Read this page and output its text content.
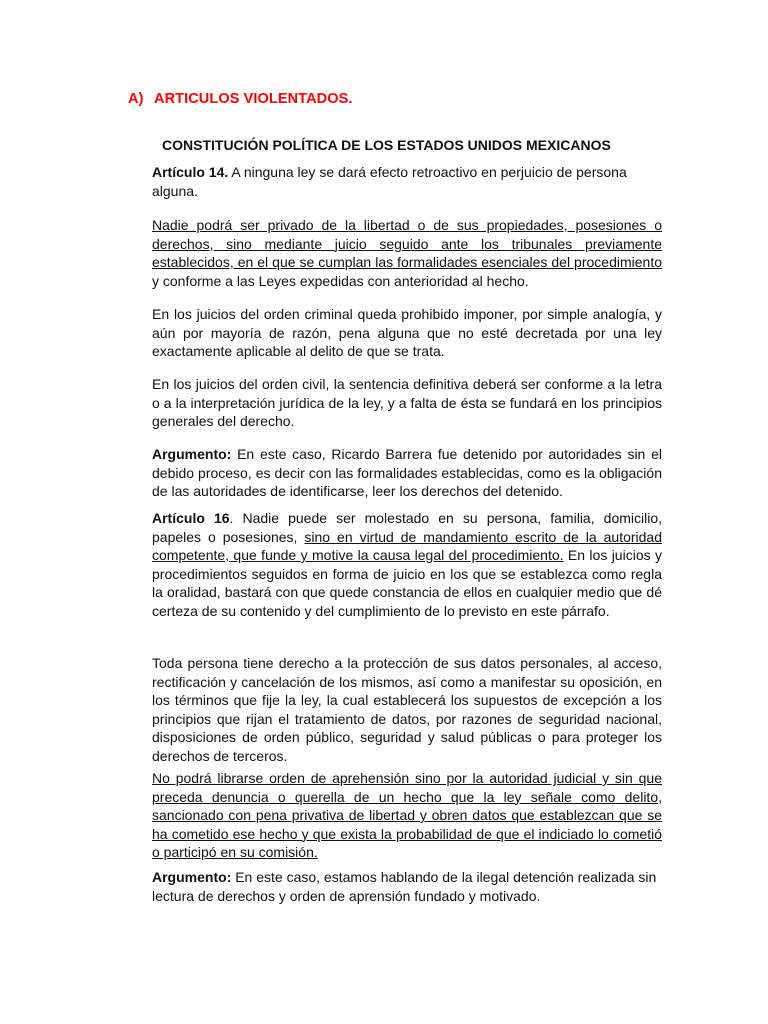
A) ARTICULOS VIOLENTADOS.
CONSTITUCIÓN POLÍTICA DE LOS ESTADOS UNIDOS MEXICANOS
Artículo 14. A ninguna ley se dará efecto retroactivo en perjuicio de persona alguna.
Nadie podrá ser privado de la libertad o de sus propiedades, posesiones o derechos, sino mediante juicio seguido ante los tribunales previamente establecidos, en el que se cumplan las formalidades esenciales del procedimiento y conforme a las Leyes expedidas con anterioridad al hecho.
En los juicios del orden criminal queda prohibido imponer, por simple analogía, y aún por mayoría de razón, pena alguna que no esté decretada por una ley exactamente aplicable al delito de que se trata.
En los juicios del orden civil, la sentencia definitiva deberá ser conforme a la letra o a la interpretación jurídica de la ley, y a falta de ésta se fundará en los principios generales del derecho.
Argumento: En este caso, Ricardo Barrera fue detenido por autoridades sin el debido proceso, es decir con las formalidades establecidas, como es la obligación de las autoridades de identificarse, leer los derechos del detenido.
Artículo 16. Nadie puede ser molestado en su persona, familia, domicilio, papeles o posesiones, sino en virtud de mandamiento escrito de la autoridad competente, que funde y motive la causa legal del procedimiento. En los juicios y procedimientos seguidos en forma de juicio en los que se establezca como regla la oralidad, bastará con que quede constancia de ellos en cualquier medio que dé certeza de su contenido y del cumplimiento de lo previsto en este párrafo.
Toda persona tiene derecho a la protección de sus datos personales, al acceso, rectificación y cancelación de los mismos, así como a manifestar su oposición, en los términos que fije la ley, la cual establecerá los supuestos de excepción a los principios que rijan el tratamiento de datos, por razones de seguridad nacional, disposiciones de orden público, seguridad y salud públicas o para proteger los derechos de terceros.
No podrá librarse orden de aprehensión sino por la autoridad judicial y sin que preceda denuncia o querella de un hecho que la ley señale como delito, sancionado con pena privativa de libertad y obren datos que establezcan que se ha cometido ese hecho y que exista la probabilidad de que el indiciado lo cometió o participó en su comisión.
Argumento: En este caso, estamos hablando de la ilegal detención realizada sin lectura de derechos y orden de aprensión fundado y motivado.
